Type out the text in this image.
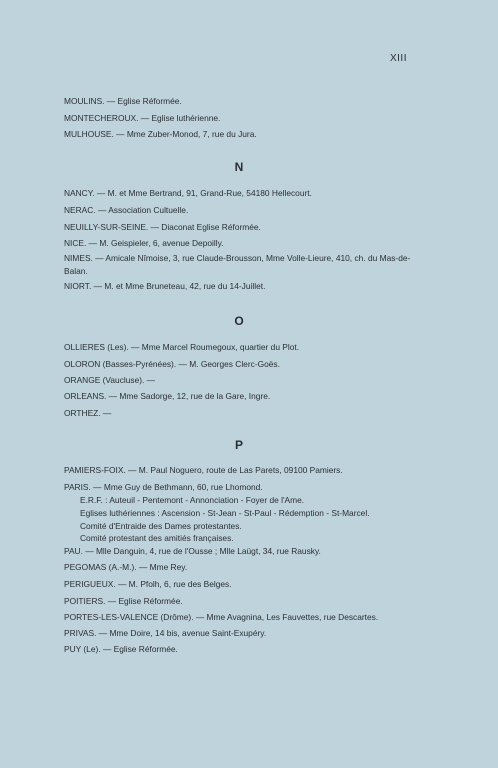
XIII
MOULINS. — Eglise Réformée.
MONTECHEROUX. — Eglise luthérienne.
MULHOUSE. — Mme Zuber-Monod, 7, rue du Jura.
N
NANCY. — M. et Mme Bertrand, 91, Grand-Rue, 54180 Hellecourt.
NERAC. — Association Cultuelle.
NEUILLY-SUR-SEINE. — Diaconat Eglise Réformée.
NICE. — M. Geispieler, 6, avenue Depoilly.
NIMES. — Amicale Nîmoise, 3, rue Claude-Brousson, Mme Volle-Lieure, 410, ch. du Mas-de-Balan.
NIORT. — M. et Mme Bruneteau, 42, rue du 14-Juillet.
O
OLLIERES (Les). — Mme Marcel Roumegoux, quartier du Plot.
OLORON (Basses-Pyrénées). — M. Georges Clerc-Goës.
ORANGE (Vaucluse). —
ORLEANS. — Mme Sadorge, 12, rue de la Gare, Ingre.
ORTHEZ. —
P
PAMIERS-FOIX. — M. Paul Noguero, route de Las Parets, 09100 Pamiers.
PARIS. — Mme Guy de Bethmann, 60, rue Lhomond.
E.R.F. : Auteuil - Pentemont - Annonciation - Foyer de l'Ame.
Eglises luthériennes : Ascension - St-Jean - St-Paul - Rédemption - St-Marcel.
Comité d'Entraide des Dames protestantes.
Comité protestant des amitiés françaises.
PAU. — Mlle Danguin, 4, rue de l'Ousse ; Mlle Laügt, 34, rue Rausky.
PEGOMAS (A.-M.). — Mme Rey.
PERIGUEUX. — M. Pfolh, 6, rue des Belges.
POITIERS. — Eglise Réformée.
PORTES-LES-VALENCE (Drôme). — Mme Avagnina, Les Fauvettes, rue Descartes.
PRIVAS. — Mme Doire, 14 bis, avenue Saint-Exupéry.
PUY (Le). — Eglise Réformée.
